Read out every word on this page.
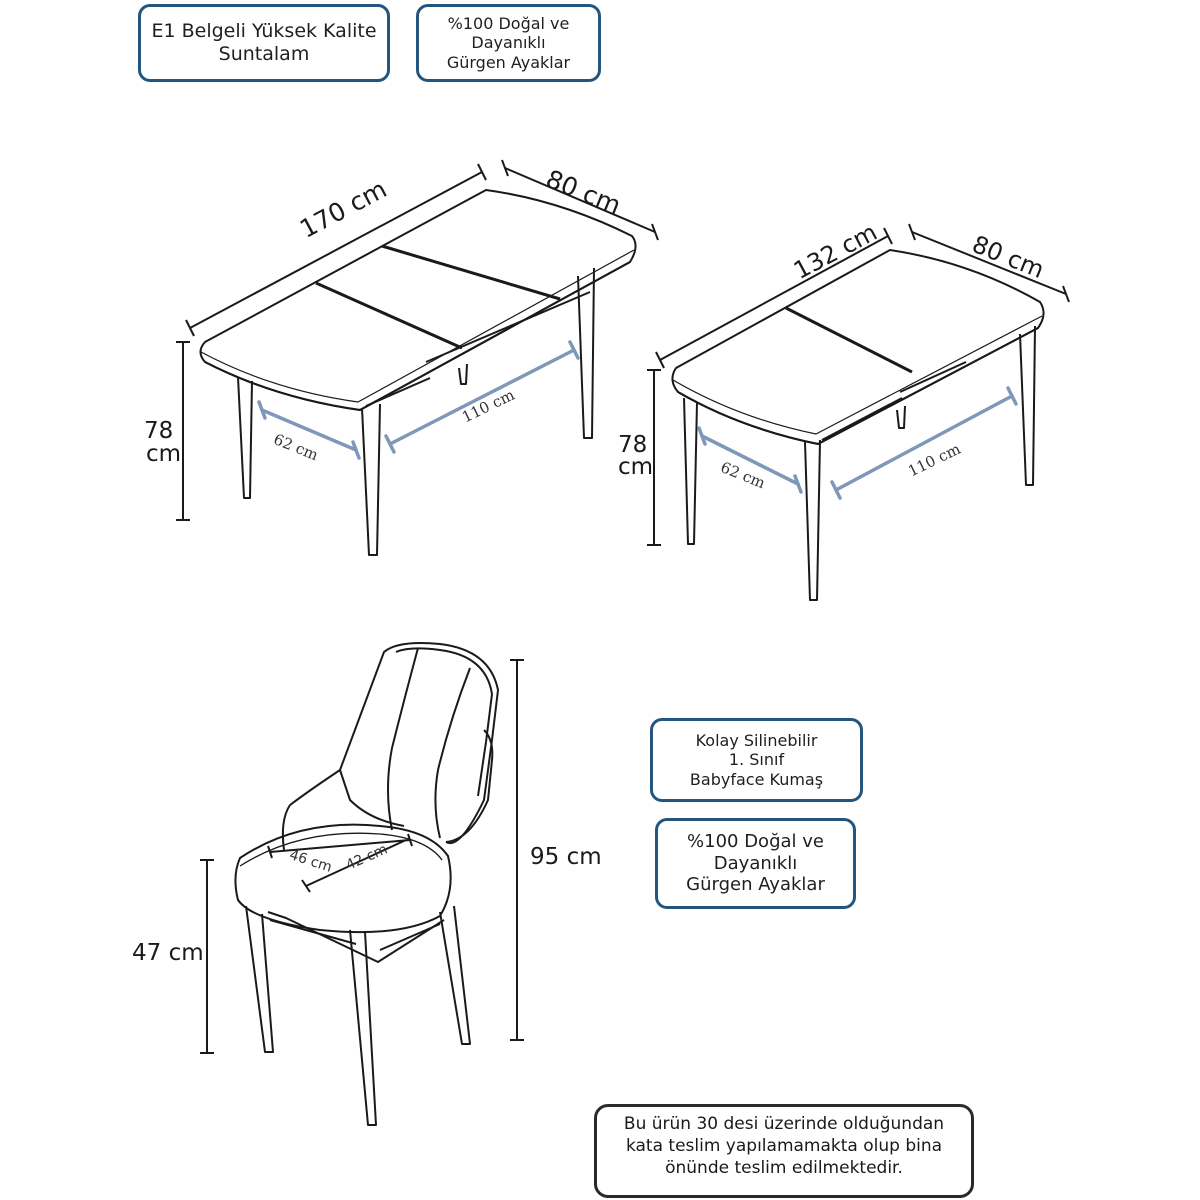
E1 Belgeli Yüksek Kalite
Suntalam
%100 Doğal ve
Dayanıklı
Gürgen Ayaklar
Kolay Silinebilir
1. Sınıf
Babyface Kumaş
%100 Doğal ve
Dayanıklı
Gürgen Ayaklar
170 cm	80 cm
78
cm	62 cm
110 cm
132 cm	80 cm
78
cm	62 cm	110 cm
95 cm
47 cm
46 cm 42 cm
Bu ürün 30 desi üzerinde olduğundan
kata teslim yapılamamakta olup bina
önünde teslim edilmektedir.
